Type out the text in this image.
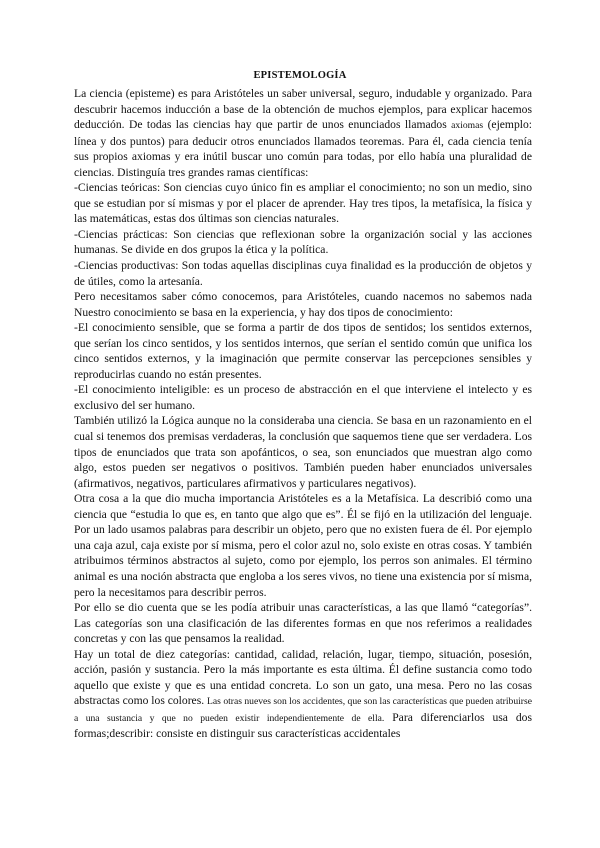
EPISTEMOLOGÍA

La ciencia (episteme) es para Aristóteles un saber universal, seguro, indudable y organizado. Para descubrir hacemos inducción a base de la obtención de muchos ejemplos, para explicar hacemos deducción. De todas las ciencias hay que partir de unos enunciados llamados axiomas (ejemplo: línea y dos puntos) para deducir otros enunciados llamados teoremas. Para él, cada ciencia tenía sus propios axiomas y era inútil buscar uno común para todas, por ello había una pluralidad de ciencias. Distinguía tres grandes ramas científicas:

-Ciencias teóricas: Son ciencias cuyo único fin es ampliar el conocimiento; no son un medio, sino que se estudian por sí mismas y por el placer de aprender. Hay tres tipos, la metafísica, la física y las matemáticas, estas dos últimas son ciencias naturales.

-Ciencias prácticas: Son ciencias que reflexionan sobre la organización social y las acciones humanas. Se divide en dos grupos la ética y la política.

-Ciencias productivas: Son todas aquellas disciplinas cuya finalidad es la producción de objetos y de útiles, como la artesanía.

Pero necesitamos saber cómo conocemos, para Aristóteles, cuando nacemos no sabemos nada Nuestro conocimiento se basa en la experiencia, y hay dos tipos de conocimiento:

-El conocimiento sensible, que se forma a partir de dos tipos de sentidos; los sentidos externos, que serían los cinco sentidos, y los sentidos internos, que serían el sentido común que unifica los cinco sentidos externos, y la imaginación que permite conservar las percepciones sensibles y reproducirlas cuando no están presentes.

-El conocimiento inteligible: es un proceso de abstracción en el que interviene el intelecto y es exclusivo del ser humano.

También utilizó la Lógica aunque no la consideraba una ciencia. Se basa en un razonamiento en el cual si tenemos dos premisas verdaderas, la conclusión que saquemos tiene que ser verdadera. Los tipos de enunciados que trata son apofánticos, o sea, son enunciados que muestran algo como algo, estos pueden ser negativos o positivos. También pueden haber enunciados universales (afirmativos, negativos, particulares afirmativos y particulares negativos).

Otra cosa a la que dio mucha importancia Aristóteles es a la Metafísica. La describió como una ciencia que “estudia lo que es, en tanto que algo que es”. Él se fijó en la utilización del lenguaje. Por un lado usamos palabras para describir un objeto, pero que no existen fuera de él. Por ejemplo una caja azul, caja existe por sí misma, pero el color azul no, solo existe en otras cosas. Y también atribuimos términos abstractos al sujeto, como por ejemplo, los perros son animales. El término animal es una noción abstracta que engloba a los seres vivos, no tiene una existencia por sí misma, pero la necesitamos para describir perros.

Por ello se dio cuenta que se les podía atribuir unas características, a las que llamó “categorías”. Las categorías son una clasificación de las diferentes formas en que nos referimos a realidades concretas y con las que pensamos la realidad.

Hay un total de diez categorías: cantidad, calidad, relación, lugar, tiempo, situación, posesión, acción, pasión y sustancia. Pero la más importante es esta última. Él define sustancia como todo aquello que existe y que es una entidad concreta. Lo son un gato, una mesa. Pero no las cosas abstractas como los colores. Las otras nueves son los accidentes, que son las características que pueden atribuirse a una sustancia y que no pueden existir independientemente de ella. Para diferenciarlos usa dos formas;describir: consiste en distinguir sus características accidentales
